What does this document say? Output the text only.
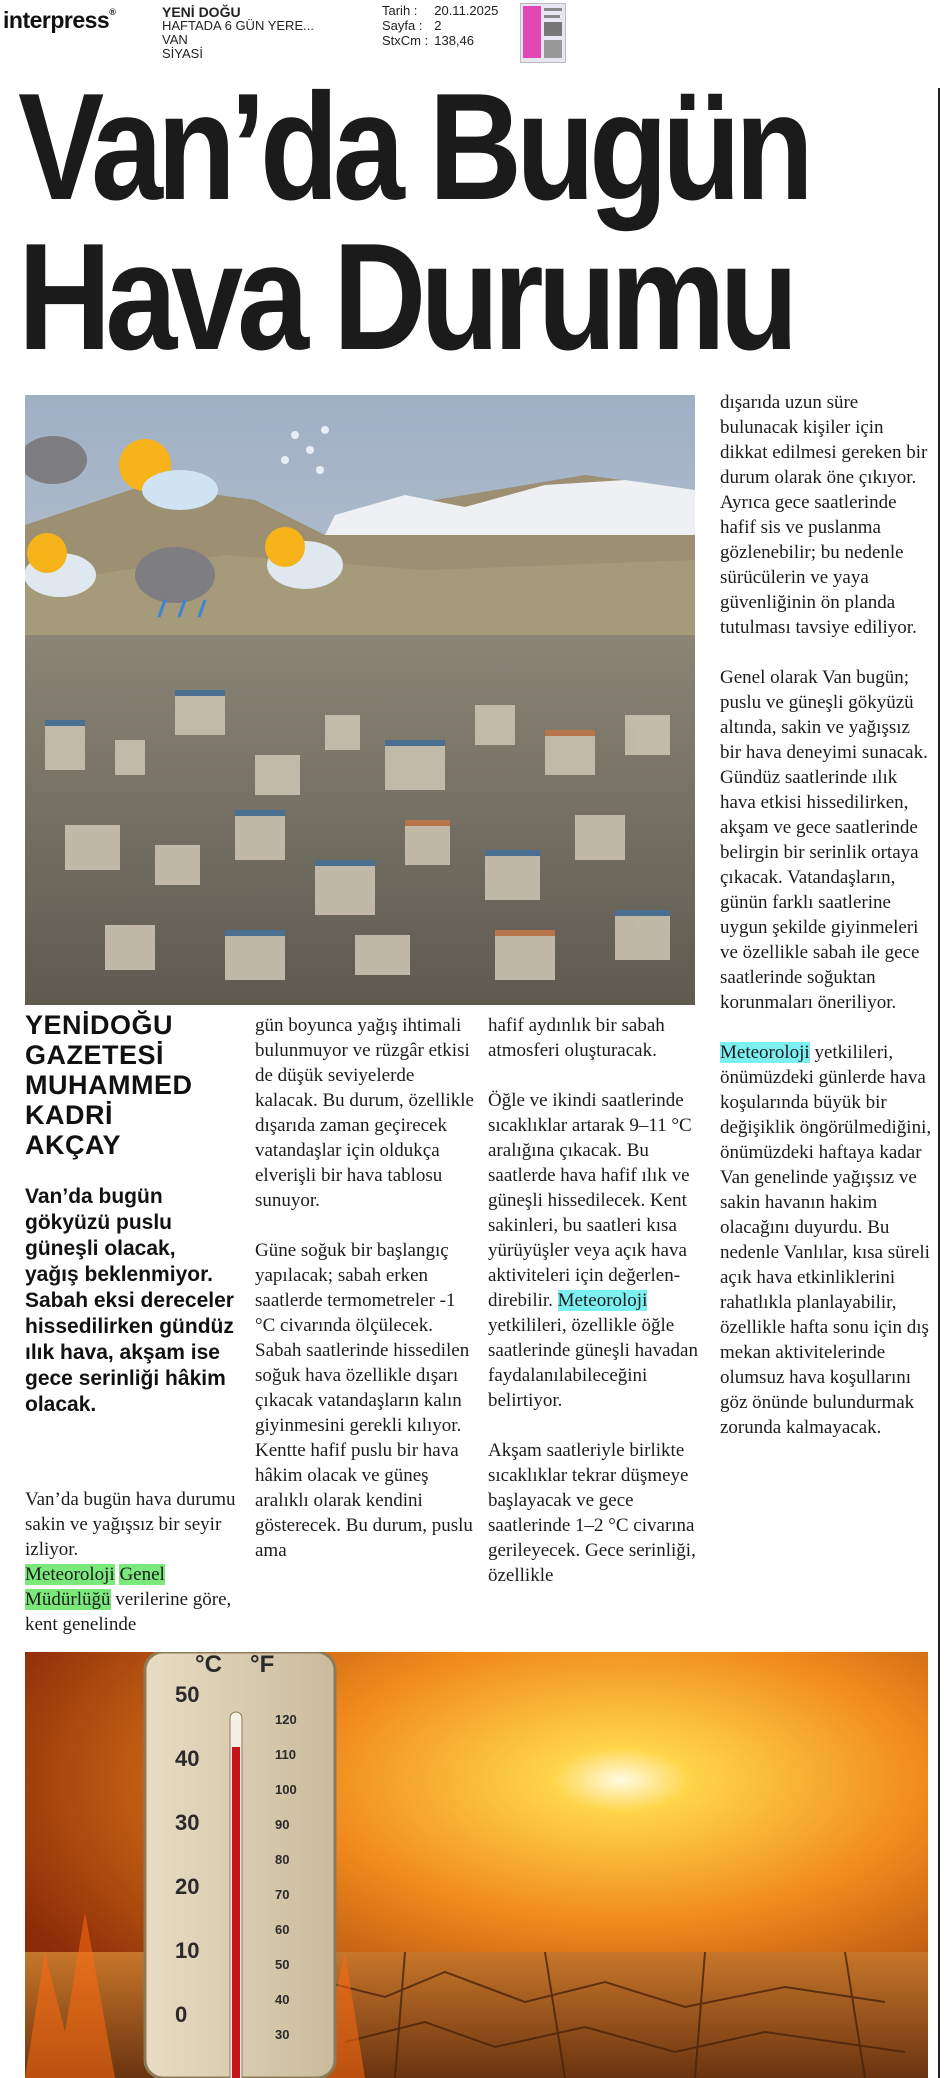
interpress®	YENİ DOĞU
HAFTADA 6 GÜN YERE...
VAN
SİYASİ
Tarih :	20.11.2025
Sayfa :	2
StxCm :	138,46
Van’da Bugün
Hava Durumu
YENİDOĞU
GAZETESİ
MUHAMMED
KADRİ
AKÇAY

Van’da bugün gökyüzü puslu güneşli olacak, yağış beklenmiyor. Sabah eksi dereceler hissedilirken gündüz ılık hava, akşam ise gece serinliği hâkim olacak.

Van’da bugün hava durumu sakin ve yağışsız bir seyir izliyor.
Meteoroloji Genel Müdürlüğü verilerine göre, kent genelinde
gün boyunca yağış ihtimali bulunmuyor ve rüzgâr etkisi de düşük seviyelerde kalacak. Bu durum, özellikle dışarıda zaman geçirecek vatandaşlar için oldukça elverişli bir hava tablosu sunuyor.

Güne soğuk bir başlangıç yapılacak; sabah erken saatlerde termometreler -1 °C civarında ölçülecek. Sabah saatlerinde hissedilen soğuk hava özellikle dışarı çıkacak vatandaşların kalın giyinmesini gerekli kılıyor. Kentte hafif puslu bir hava hâkim olacak ve güneş aralıklı olarak kendini gösterecek. Bu durum, puslu ama
hafif aydınlık bir sabah atmosferi oluşturacak.

Öğle ve ikindi saatlerinde sıcaklıklar artarak 9–11 °C aralığına çıkacak. Bu saatlerde hava hafif ılık ve güneşli hissedilecek. Kent sakinleri, bu saatleri kısa yürüyüşler veya açık hava aktiviteleri için değerlendirebilir. Meteoroloji yetkilileri, özellikle öğle saatlerinde güneşli havadan faydalanılabileceğini belirtiyor.

Akşam saatleriyle birlikte sıcaklıklar tekrar düşmeye başlayacak ve gece saatlerinde 1–2 °C civarına gerileyecek. Gece serinliği, özellikle
dışarıda uzun süre bulunacak kişiler için dikkat edilmesi gereken bir durum olarak öne çıkıyor. Ayrıca gece saatlerinde hafif sis ve puslanma gözlenebilir; bu nedenle sürücülerin ve yaya güvenliğinin ön planda tutulması tavsiye ediliyor.

Genel olarak Van bugün; puslu ve güneşli gökyüzü altında, sakin ve yağışsız bir hava deneyimi sunacak. Gündüz saatlerinde ılık hava etkisi hissedilirken, akşam ve gece saatlerinde belirgin bir serinlik ortaya çıkacak. Vatandaşların, günün farklı saatlerine uygun şekilde giyinmeleri ve özellikle sabah ile gece saatlerinde soğuktan korunmaları öneriliyor.

Meteoroloji yetkilileri, önümüzdeki günlerde hava koşularında büyük bir değişiklik öngörülmediğini, önümüzdeki haftaya kadar Van genelinde yağışsız ve sakin havanın hakim olacağını duyurdu. Bu nedenle Vanlılar, kısa süreli açık hava etkinliklerini rahatlıkla planlayabilir, özellikle hafta sonu için dış mekan aktivitelerinde olumsuz hava koşullarını göz önünde bulundurmak zorunda kalmayacak.
°C °F
50
40
30
20
10
0
120
110
100
90
80
70
60
50
40
30
